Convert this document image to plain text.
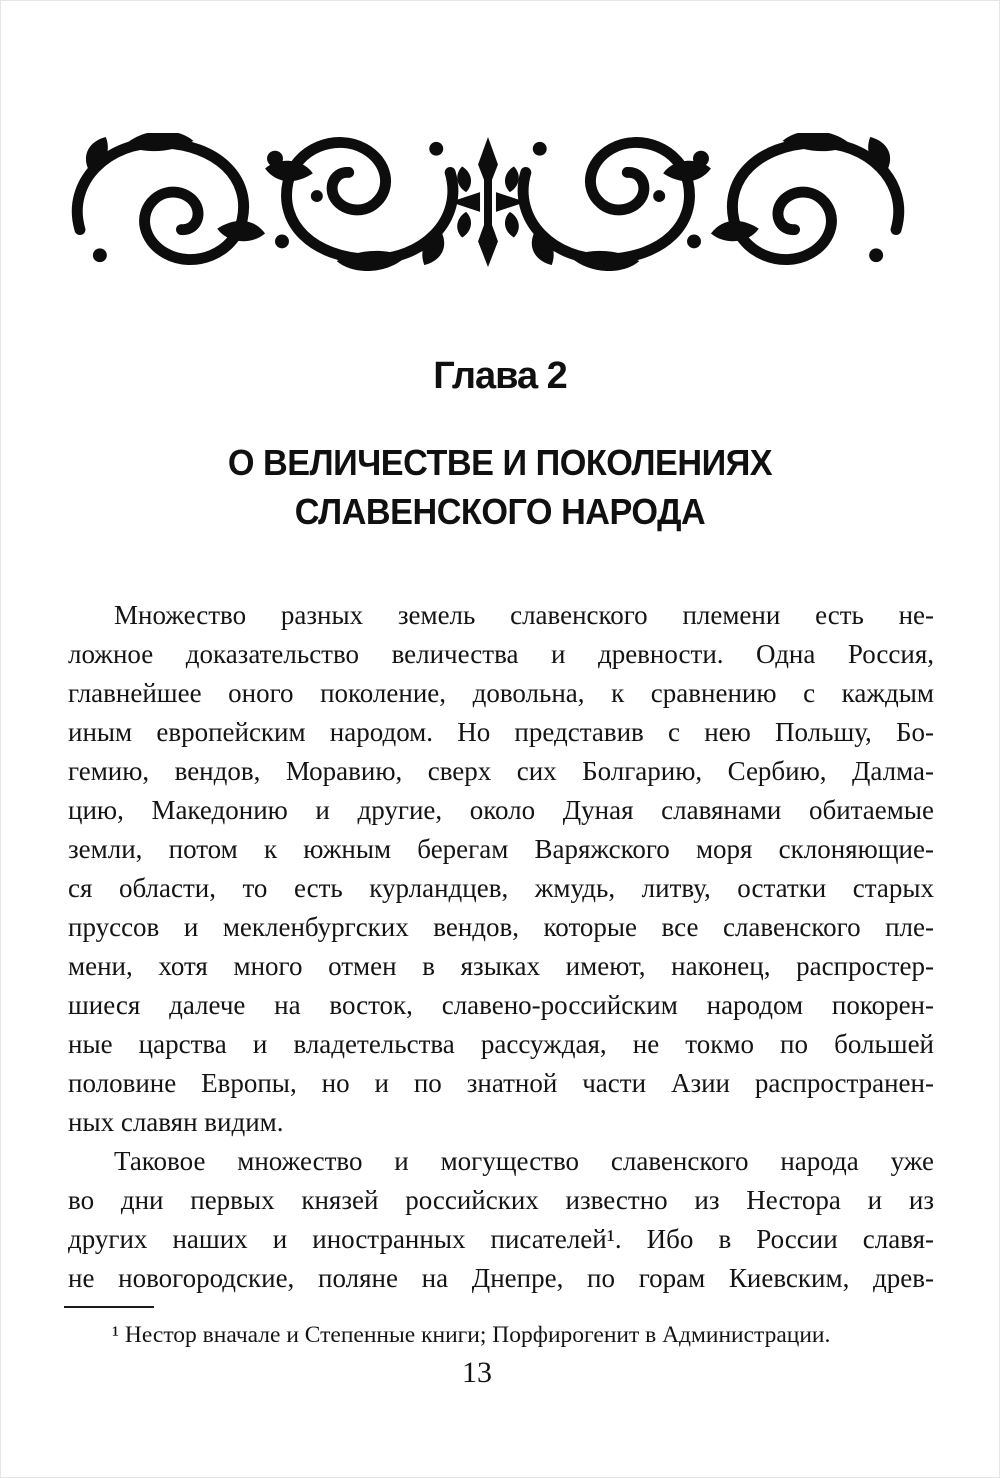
Глава 2
О ВЕЛИЧЕСТВЕ И ПОКОЛЕНИЯХ
СЛАВЕНСКОГО НАРОДА
Множество разных земель славенского племени есть не-
ложное доказательство величества и древности. Одна Россия,
главнейшее оного поколение, довольна, к сравнению с каждым
иным европейским народом. Но представив с нею Польшу, Бо-
гемию, вендов, Моравию, сверх сих Болгарию, Сербию, Далма-
цию, Македонию и другие, около Дуная славянами обитаемые
земли, потом к южным берегам Варяжского моря склоняющие-
ся области, то есть курландцев, жмудь, литву, остатки старых
пруссов и мекленбургских вендов, которые все славенского пле-
мени, хотя много отмен в языках имеют, наконец, распростер-
шиеся далече на восток, славено-российским народом покорен-
ные царства и владетельства рассуждая, не токмо по большей
половине Европы, но и по знатной части Азии распространен-
ных славян видим.
Таковое множество и могущество славенского народа уже
во дни первых князей российских известно из Нестора и из
других наших и иностранных писателей¹. Ибо в России славя-
не новогородские, поляне на Днепре, по горам Киевским, древ-
¹ Нестор вначале и Степенные книги; Порфирогенит в Администрации.
13
